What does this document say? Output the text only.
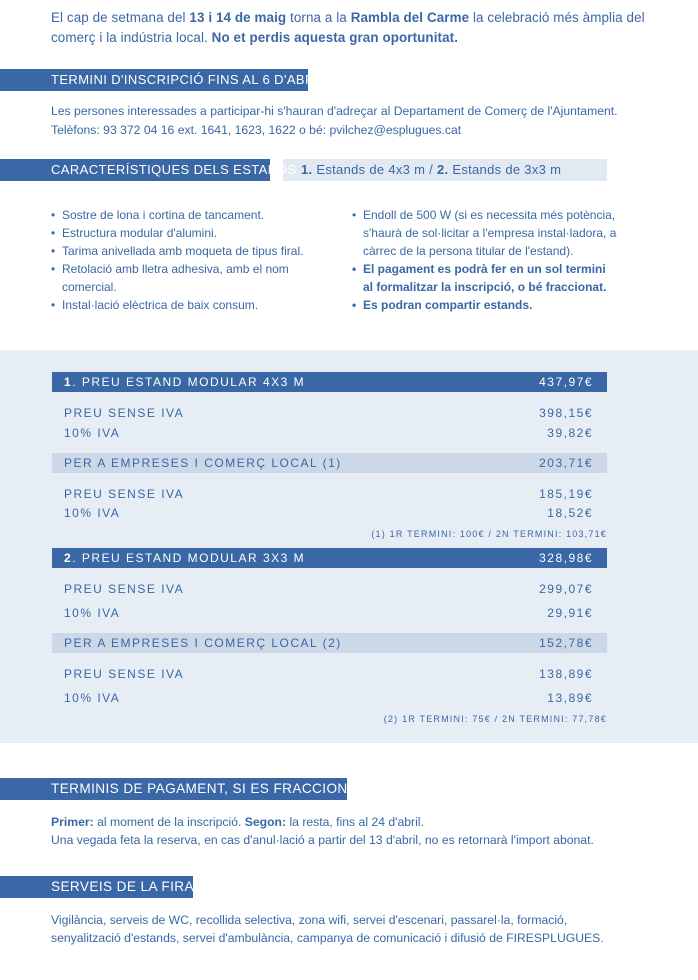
El cap de setmana del 13 i 14 de maig torna a la Rambla del Carme la celebració més àmplia del comerç i la indústria local. No et perdis aquesta gran oportunitat.
TERMINI D'INSCRIPCIÓ FINS AL 6 D'ABRIL
Les persones interessades a participar-hi s'hauran d'adreçar al Departament de Comerç de l'Ajuntament.
Telèfons: 93 372 04 16 ext. 1641, 1623, 1622 o bé: pvilchez@esplugues.cat
1. Estands de 4x3 m / 2. Estands de 3x3 m
CARACTERÍSTIQUES DELS ESTANDS
• Sostre de lona i cortina de tancament.
• Estructura modular d'alumini.
• Tarima anivellada amb moqueta de tipus firal.
• Retolació amb lletra adhesiva, amb el nom comercial.
• Instal·lació elèctrica de baix consum.
• Endoll de 500 W (si es necessita més potència, s'haurà de sol·licitar a l'empresa instal·ladora, a càrrec de la persona titular de l'estand).
• El pagament es podrà fer en un sol termini al formalitzar la inscripció, o bé fraccionat.
• Es podran compartir estands.
1. PREU ESTAND MODULAR 4X3 M	437,97€
PREU SENSE IVA	398,15€
10% IVA	39,82€
PER A EMPRESES I COMERÇ LOCAL (1)	203,71€
PREU SENSE IVA	185,19€
10% IVA	18,52€
(1) 1R TERMINI: 100€ / 2N TERMINI: 103,71€
2. PREU ESTAND MODULAR 3X3 M	328,98€
PREU SENSE IVA	299,07€
10% IVA	29,91€
PER A EMPRESES I COMERÇ LOCAL (2)	152,78€
PREU SENSE IVA	138,89€
10% IVA	13,89€
(2) 1R TERMINI: 75€ / 2N TERMINI: 77,78€
TERMINIS DE PAGAMENT, SI ES FRACCIONA
Primer: al moment de la inscripció. Segon: la resta, fins al 24 d'abril.
Una vegada feta la reserva, en cas d'anul·lació a partir del 13 d'abril, no es retornarà l'import abonat.
SERVEIS DE LA FIRA
Vigilància, serveis de WC, recollida selectiva, zona wifi, servei d'escenari, passarel·la, formació,
senyalització d'estands, servei d'ambulància, campanya de comunicació i difusió de FIRESPLUGUES.
